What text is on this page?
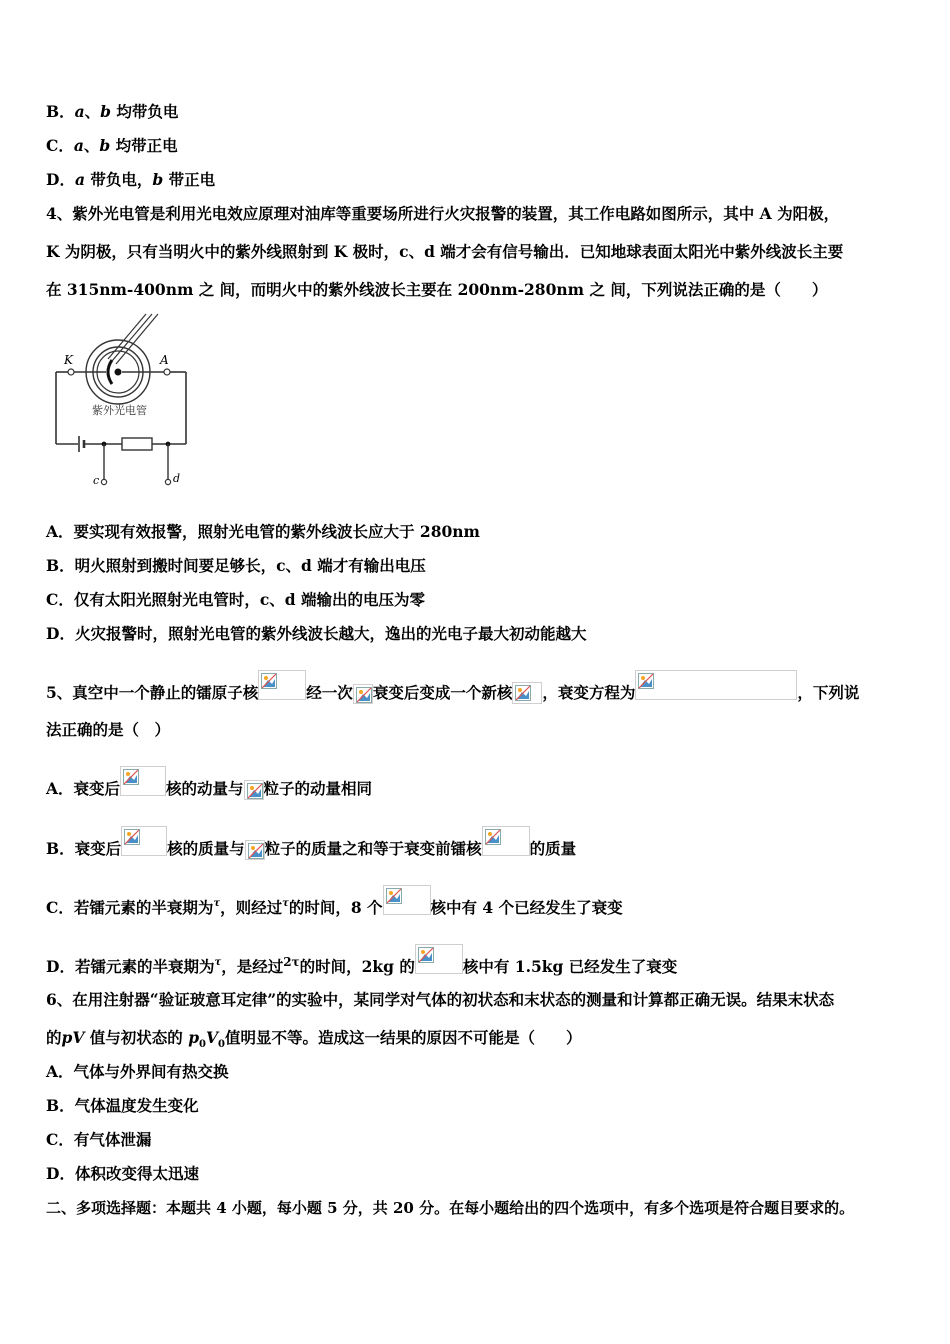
B．a、b 均带负电
C．a、b 均带正电
D．a 带负电，b 带正电
4、紫外光电管是利用光电效应原理对油库等重要场所进行火灾报警的装置，其工作电路如图所示，其中 A 为阳极，
K 为阴极，只有当明火中的紫外线照射到 K 极时，c、d 端才会有信号输出．已知地球表面太阳光中紫外线波长主要
在 315nm-400nm 之 间，而明火中的紫外线波长主要在 200nm-280nm 之 间，下列说法正确的是（　　）
K	A
紫外光电管
c	d
A．要实现有效报警，照射光电管的紫外线波长应大于 280nm
B．明火照射到搬时间要足够长，c、d 端才有输出电压
C．仅有太阳光照射光电管时，c、d 端输出的电压为零
D．火灾报警时，照射光电管的紫外线波长越大，逸出的光电子最大初动能越大
5、真空中一个静止的镭原子核	经一次 衰变后变成一个新核 ，衰变方程为	，下列说
法正确的是（　）
A．衰变后	核的动量与 粒子的动量相同
B．衰变后	核的质量与 粒子的质量之和等于衰变前镭核	的质量
C．若镭元素的半衰期为$^\tau$，则经过$^\tau$的时间，8 个	核中有 4 个已经发生了衰变
D．若镭元素的半衰期为$^\tau$，是经过$^{2\tau}$的时间，2kg 的	核中有 1.5kg 已经发生了衰变
6、在用注射器“验证玻意耳定律”的实验中，某同学对气体的初状态和末状态的测量和计算都正确无误。结果末状态
的pV 值与初状态的 $p_0V_0$值明显不等。造成这一结果的原因不可能是（　　）
A．气体与外界间有热交换
B．气体温度发生变化
C．有气体泄漏
D．体积改变得太迅速
二、多项选择题：本题共 4 小题，每小题 5 分，共 20 分。在每小题给出的四个选项中，有多个选项是符合题目要求的。
